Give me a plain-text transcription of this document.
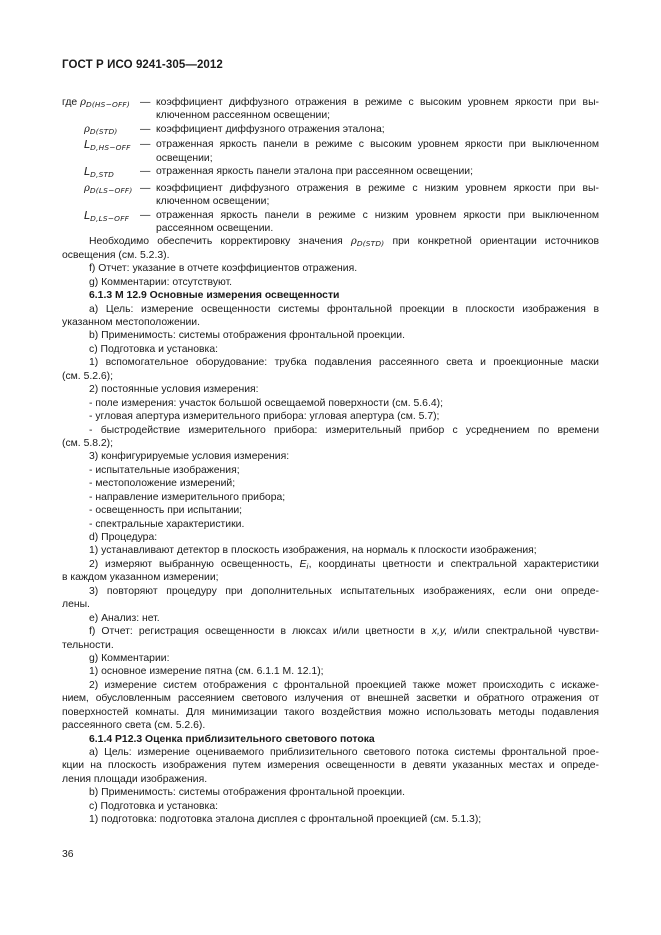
ГОСТ Р ИСО 9241-305—2012
где $\rho_{D(HS-OFF)}$ — коэффициент диффузного отражения в режиме с высоким уровнем яркости при вы-
ключенном рассеянном освещении;
$\rho_{D(STD)}$	— коэффициент диффузного отражения эталона;
$L_{D,HS-OFF}$ — отраженная яркость панели в режиме с высоким уровнем яркости при выключенном
освещении;
$L_{D,STD}$	— отраженная яркость панели эталона при рассеянном освещении;
$\rho_{D(LS-OFF)}$ — коэффициент диффузного отражения в режиме с низким уровнем яркости при вы-
ключенном освещении;
$L_{D,LS-OFF}$	— отраженная яркость панели в режиме с низким уровнем яркости при выключенном
рассеянном освещении.
Необходимо обеспечить корректировку значения $\rho_{D(STD)}$ при конкретной ориентации источников
освещения (см. 5.2.3).
f) Отчет: указание в отчете коэффициентов отражения.
g) Комментарии: отсутствуют.
6.1.3 M 12.9 Основные измерения освещенности
a) Цель: измерение освещенности системы фронтальной проекции в плоскости изображения в
указанном местоположении.
b) Применимость: системы отображения фронтальной проекции.
c) Подготовка и установка:
1) вспомогательное оборудование: трубка подавления рассеянного света и проекционные маски
(см. 5.2.6);
2) постоянные условия измерения:
- поле измерения: участок большой освещаемой поверхности (см. 5.6.4);
- угловая апертура измерительного прибора: угловая апертура (см. 5.7);
- быстродействие измерительного прибора: измерительный прибор с усреднением по времени
(см. 5.8.2);
3) конфигурируемые условия измерения:
- испытательные изображения;
- местоположение измерений;
- направление измерительного прибора;
- освещенность при испытании;
- спектральные характеристики.
d) Процедура:
1) устанавливают детектор в плоскость изображения, на нормаль к плоскости изображения;
2) измеряют выбранную освещенность, $E_i$, координаты цветности и спектральной характеристики
в каждом указанном измерении;
3) повторяют процедуру при дополнительных испытательных изображениях, если они опреде-
лены.
e) Анализ: нет.
f) Отчет: регистрация освещенности в люксах и/или цветности в x,y, и/или спектральной чувстви-
тельности.
g) Комментарии:
1) основное измерение пятна (см. 6.1.1 M. 12.1);
2) измерение систем отображения с фронтальной проекцией также может происходить с искаже-
нием, обусловленным рассеянием светового излучения от внешней засветки и обратного отражения от
поверхностей комнаты. Для минимизации такого воздействия можно использовать методы подавления
рассеянного света (см. 5.2.6).
6.1.4 P12.3 Оценка приблизительного светового потока
a) Цель: измерение оцениваемого приблизительного светового потока системы фронтальной прое-
кции на плоскость изображения путем измерения освещенности в девяти указанных местах и опреде-
ления площади изображения.
b) Применимость: системы отображения фронтальной проекции.
c) Подготовка и установка:
1) подготовка: подготовка эталона дисплея с фронтальной проекцией (см. 5.1.3);
36
